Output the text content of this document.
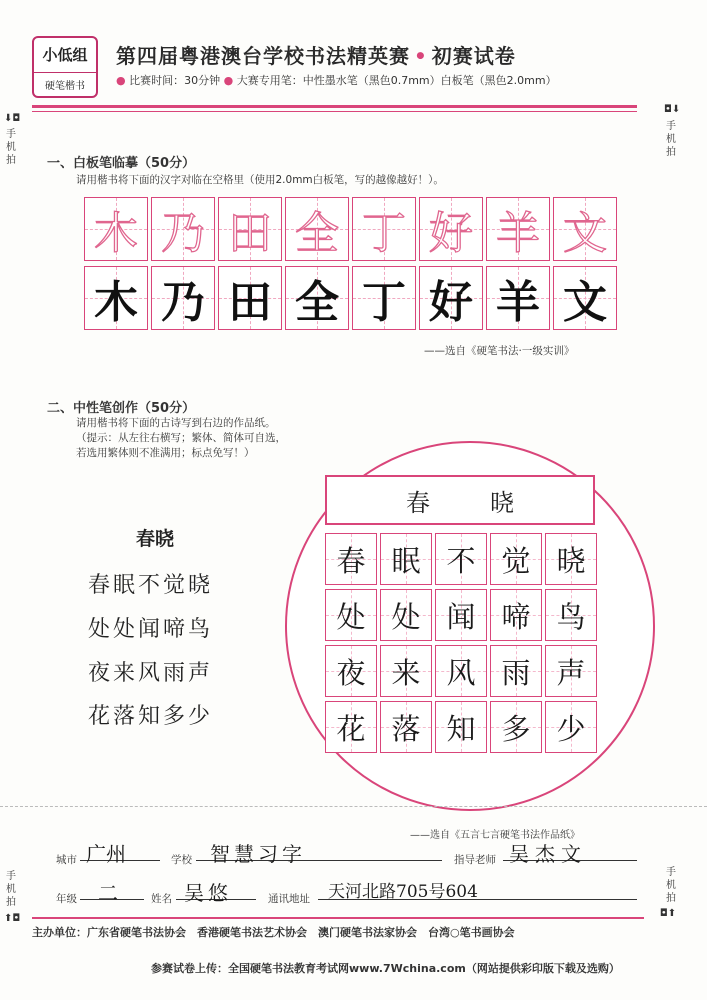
小低组
硬笔楷书
第四届粤港澳台学校书法精英赛 • 初赛试卷
● 比赛时间：30分钟 ● 大赛专用笔：中性墨水笔（黑色0.7mm）白板笔（黑色2.0mm）
⬇◘
手
机
拍
◘⬇
手
机
拍
手
机
拍
⬆◘
手
机
拍
◘⬆
一、白板笔临摹（50分）
请用楷书将下面的汉字对临在空格里（使用2.0mm白板笔，写的越像越好！）。
木 乃 田 全 丁 好 羊 文
木 乃 田 全 丁 好 羊 文
——选自《硬笔书法·一级实训》
二、中性笔创作（50分）
请用楷书将下面的古诗写到右边的作品纸。
（提示：从左往右横写；繁体、简体可自选，
若选用繁体则不准满用；标点免写！）
春晓
春眠不觉晓
处处闻啼鸟
夜来风雨声
花落知多少
春晓
春 眠 不 觉 晓
处 处 闻 啼 鸟
夜 来 风 雨 声
花 落 知 多 少
——选自《五言七言硬笔书法作品纸》
城市 广州	学校 智慧习字	指导老师 吴杰文
年级	二	姓名 吴悠	通讯地址	天河北路705号604
主办单位：广东省硬笔书法协会　香港硬笔书法艺术协会　澳门硬笔书法家协会　台湾○笔书画协会
参赛试卷上传：全国硬笔书法教育考试网www.7Wchina.com（网站提供彩印版下载及选购）
